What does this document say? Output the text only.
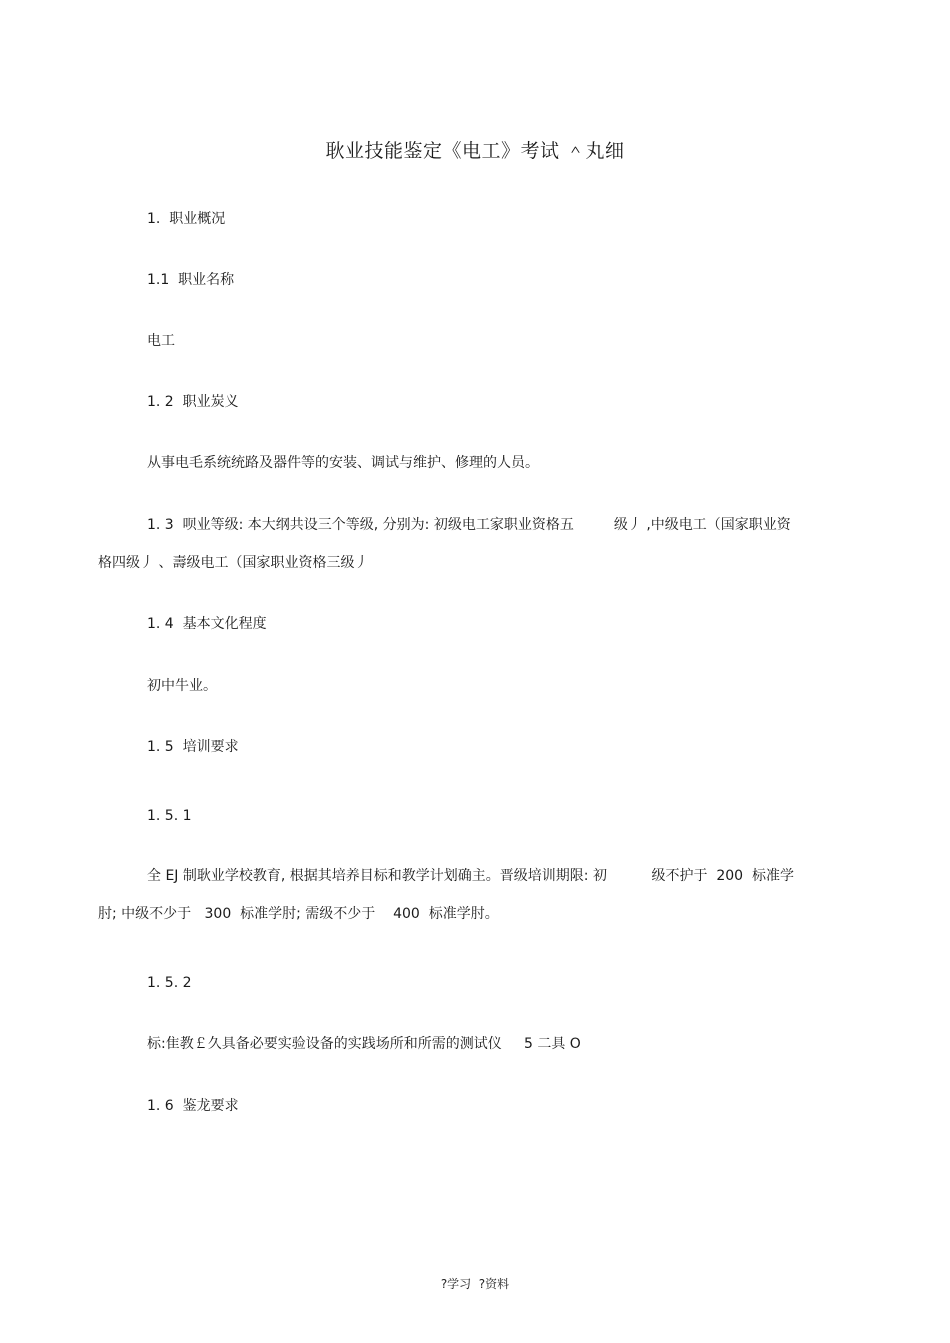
耿业技能鉴定《电工》考试 ＾丸细
1.  职业概况
1.1  职业名称
电工
1. 2  职业炭义
从事电毛系统统路及器件等的安装、调试与维护、修理的人员。
1. 3  呗业等级: 本大纲共设三个等级, 分别为: 初级电工家职业资格五         级丿 ,中级电工（国家职业资
格四级丿 、壽级电工（国家职业资格三级丿
1. 4  基本文化程度
初中牛业。
1. 5  培训要求
1. 5. 1
全 EJ 制耿业学校教育, 根据其培养目标和教学计划确主。晋级培训期限: 初          级不护于  200  标准学
肘; 中级不少于   300  标准学肘; 需级不少于    400  标准学肘。
1. 5. 2
标:隹教￡久具备必要实验设备的实践场所和所需的测试仪     5 二具 O
1. 6  鉴龙要求
?学习  ?资料
